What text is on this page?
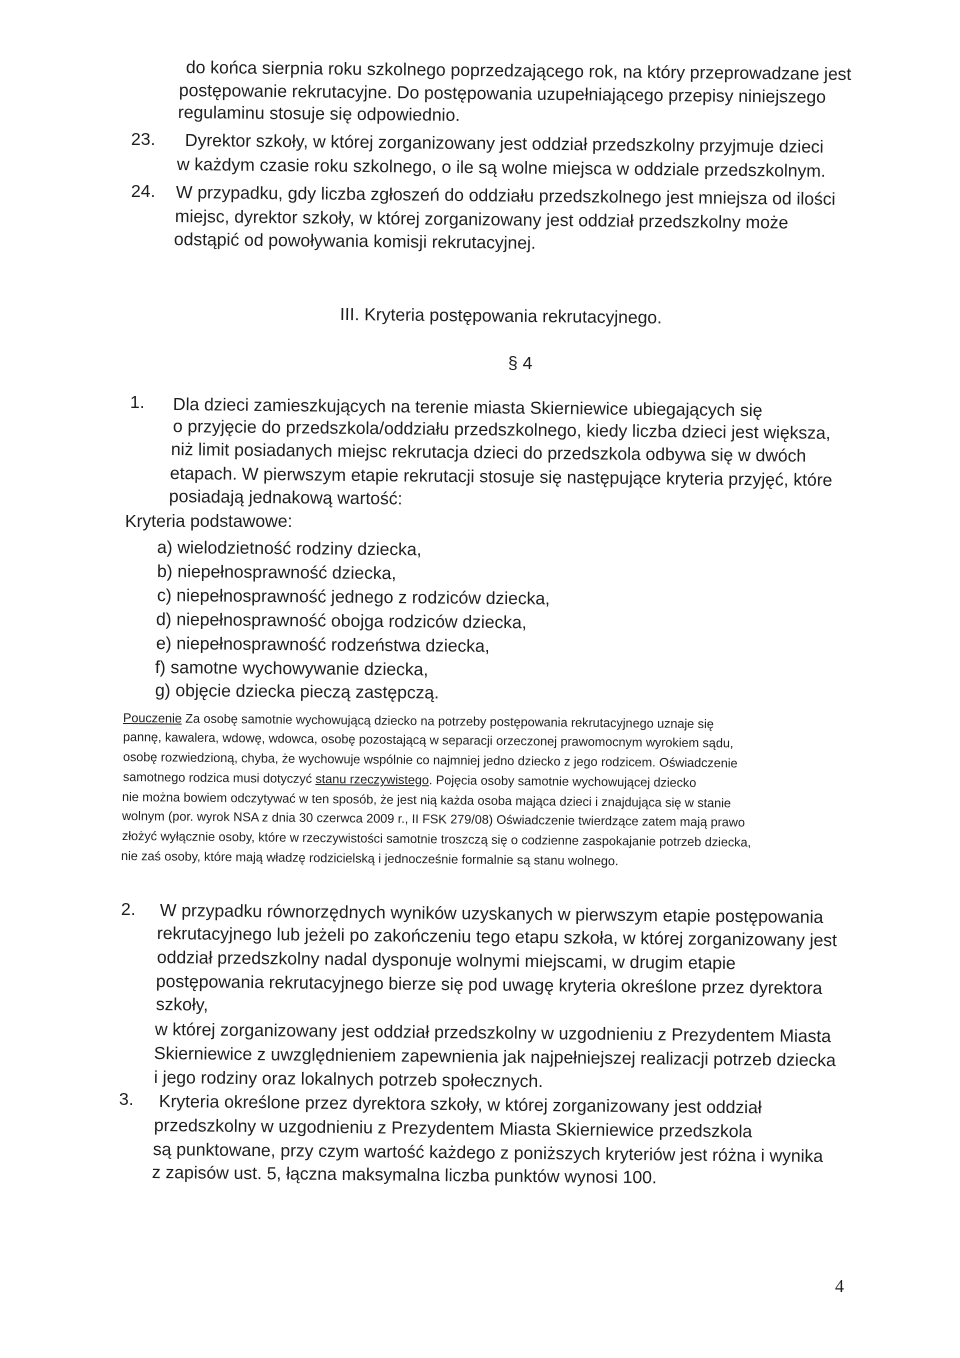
do końca sierpnia roku szkolnego poprzedzającego rok, na który przeprowadzane jest
postępowanie rekrutacyjne. Do postępowania uzupełniającego przepisy niniejszego
regulaminu stosuje się odpowiednio.
23. Dyrektor szkoły, w której zorganizowany jest oddział przedszkolny przyjmuje dzieci
w każdym czasie roku szkolnego, o ile są wolne miejsca w oddziale przedszkolnym.
24. W przypadku, gdy liczba zgłoszeń do oddziału przedszkolnego jest mniejsza od ilości
miejsc, dyrektor szkoły, w której zorganizowany jest oddział przedszkolny może
odstąpić od powoływania komisji rekrutacyjnej.
III. Kryteria postępowania rekrutacyjnego.
§ 4
1. Dla dzieci zamieszkujących na terenie miasta Skierniewice ubiegających się
o przyjęcie do przedszkola/oddziału przedszkolnego, kiedy liczba dzieci jest większa,
niż limit posiadanych miejsc rekrutacja dzieci do przedszkola odbywa się w dwóch
etapach. W pierwszym etapie rekrutacji stosuje się następujące kryteria przyjęć, które
posiadają jednakową wartość:
Kryteria podstawowe:
a) wielodzietność rodziny dziecka,
b) niepełnosprawność dziecka,
c) niepełnosprawność jednego z rodziców dziecka,
d) niepełnosprawność obojga rodziców dziecka,
e) niepełnosprawność rodzeństwa dziecka,
f) samotne wychowywanie dziecka,
g) objęcie dziecka pieczą zastępczą.
Pouczenie Za osobę samotnie wychowującą dziecko na potrzeby postępowania rekrutacyjnego uznaje się
pannę, kawalera, wdowę, wdowca, osobę pozostającą w separacji orzeczonej prawomocnym wyrokiem sądu,
osobę rozwiedzioną, chyba, że wychowuje wspólnie co najmniej jedno dziecko z jego rodzicem. Oświadczenie
samotnego rodzica musi dotyczyć stanu rzeczywistego. Pojęcia osoby samotnie wychowującej dziecko
nie można bowiem odczytywać w ten sposób, że jest nią każda osoba mająca dzieci i znajdująca się w stanie
wolnym (por. wyrok NSA z dnia 30 czerwca 2009 r., II FSK 279/08) Oświadczenie twierdzące zatem mają prawo
złożyć wyłącznie osoby, które w rzeczywistości samotnie troszczą się o codzienne zaspokajanie potrzeb dziecka,
nie zaś osoby, które mają władzę rodzicielską i jednocześnie formalnie są stanu wolnego.
2. W przypadku równorzędnych wyników uzyskanych w pierwszym etapie postępowania
rekrutacyjnego lub jeżeli po zakończeniu tego etapu szkoła, w której zorganizowany jest
oddział przedszkolny nadal dysponuje wolnymi miejscami, w drugim etapie
postępowania rekrutacyjnego bierze się pod uwagę kryteria określone przez dyrektora
szkoły,
w której zorganizowany jest oddział przedszkolny w uzgodnieniu z Prezydentem Miasta
Skierniewice z uwzględnieniem zapewnienia jak najpełniejszej realizacji potrzeb dziecka
i jego rodziny oraz lokalnych potrzeb społecznych.
3. Kryteria określone przez dyrektora szkoły, w której zorganizowany jest oddział
przedszkolny w uzgodnieniu z Prezydentem Miasta Skierniewice przedszkola
są punktowane, przy czym wartość każdego z poniższych kryteriów jest różna i wynika
z zapisów ust. 5, łączna maksymalna liczba punktów wynosi 100.
4
